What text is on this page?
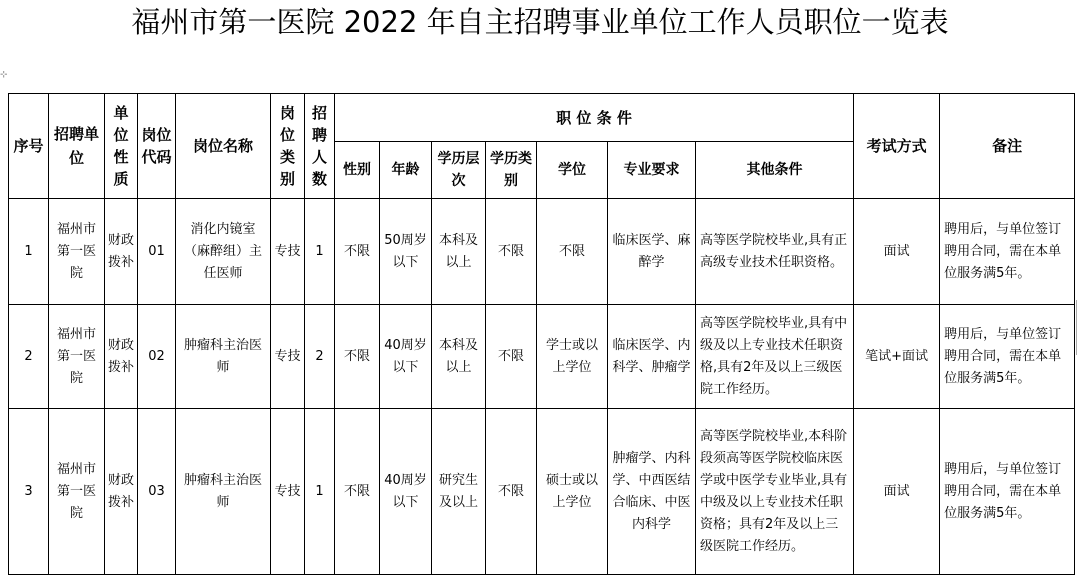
福州市第一医院 2022 年自主招聘事业单位工作人员职位一览表
⊹
序号	招聘单位	单位性质	岗位代码	岗位名称	岗位类别	招聘人数	职 位 条 件							考试方式	备注
							性别	年龄	学历层次	学历类别	学位	专业要求	其他条件		
1	福州市第一医院	财政拨补	01	消化内镜室（麻醉组）主任医师	专技	1	不限	50周岁以下	本科及以上	不限	不限	临床医学、麻醉学	高等医学院校毕业,具有正高级专业技术任职资格。	面试	聘用后，与单位签订聘用合同，需在本单位服务满5年。
2	福州市第一医院	财政拨补	02	肿瘤科主治医师	专技	2	不限	40周岁以下	本科及以上	不限	学士或以上学位	临床医学、内科学、肿瘤学	高等医学院校毕业,具有中级及以上专业技术任职资格,具有2年及以上三级医院工作经历。	笔试+面试	聘用后，与单位签订聘用合同，需在本单位服务满5年。
3	福州市第一医院	财政拨补	03	肿瘤科主治医师	专技	1	不限	40周岁以下	研究生及以上	不限	硕士或以上学位	肿瘤学、内科学、中西医结合临床、中医内科学	高等医学院校毕业,本科阶段须高等医学院校临床医学或中医学专业毕业,具有中级及以上专业技术任职资格；具有2年及以上三级医院工作经历。	面试	聘用后，与单位签订聘用合同，需在本单位服务满5年。
